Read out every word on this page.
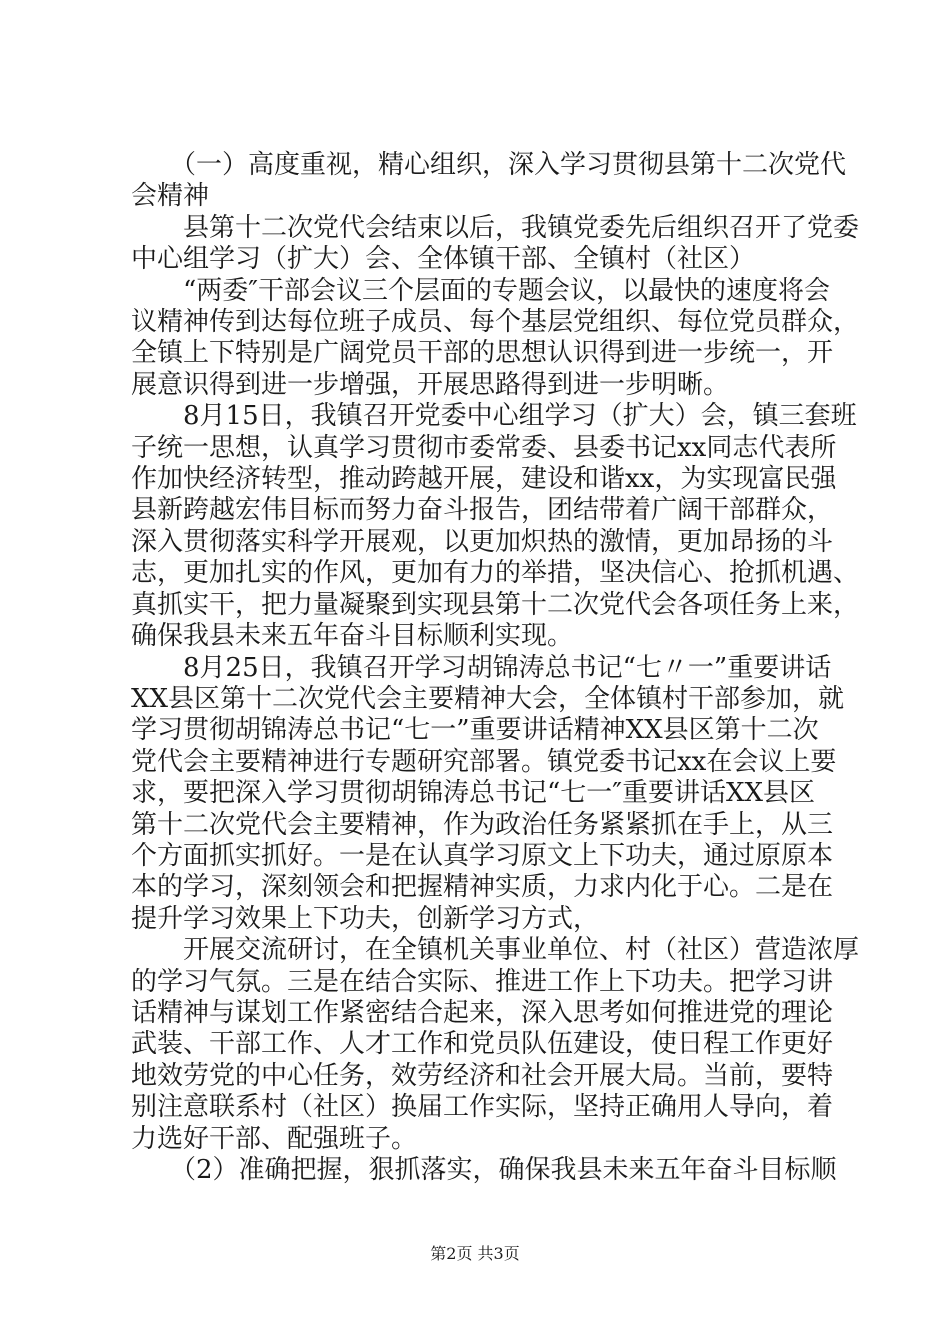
　　（一）高度重视，精心组织，深入学习贯彻县第十二次党代
会精神
　　县第十二次党代会结束以后，我镇党委先后组织召开了党委
中心组学习（扩大）会、全体镇干部、全镇村（社区）
　　“两委″干部会议三个层面的专题会议，以最快的速度将会
议精神传到达每位班子成员、每个基层党组织、每位党员群众，
全镇上下特别是广阔党员干部的思想认识得到进一步统一，开
展意识得到进一步增强，开展思路得到进一步明晰。
　　8月15日，我镇召开党委中心组学习（扩大）会，镇三套班
子统一思想，认真学习贯彻市委常委、县委书记xx同志代表所
作加快经济转型，推动跨越开展，建设和谐xx，为实现富民强
县新跨越宏伟目标而努力奋斗报告，团结带着广阔干部群众，
深入贯彻落实科学开展观，以更加炽热的激情，更加昂扬的斗
志，更加扎实的作风，更加有力的举措，坚决信心、抢抓机遇、
真抓实干，把力量凝聚到实现县第十二次党代会各项任务上来，
确保我县未来五年奋斗目标顺利实现。
　　8月25日，我镇召开学习胡锦涛总书记“七〃一”重要讲话
XX县区第十二次党代会主要精神大会，全体镇村干部参加，就
学习贯彻胡锦涛总书记“七一”重要讲话精神XX县区第十二次
党代会主要精神进行专题研究部署。镇党委书记xx在会议上要
求，要把深入学习贯彻胡锦涛总书记“七一″重要讲话XX县区
第十二次党代会主要精神，作为政治任务紧紧抓在手上，从三
个方面抓实抓好。一是在认真学习原文上下功夫，通过原原本
本的学习，深刻领会和把握精神实质，力求内化于心。二是在
提升学习效果上下功夫，创新学习方式，
　　开展交流研讨，在全镇机关事业单位、村（社区）营造浓厚
的学习气氛。三是在结合实际、推进工作上下功夫。把学习讲
话精神与谋划工作紧密结合起来，深入思考如何推进党的理论
武装、干部工作、人才工作和党员队伍建设，使日程工作更好
地效劳党的中心任务，效劳经济和社会开展大局。当前，要特
别注意联系村（社区）换届工作实际，坚持正确用人导向，着
力选好干部、配强班子。
　　（2）准确把握，狠抓落实，确保我县未来五年奋斗目标顺
第2页 共3页
